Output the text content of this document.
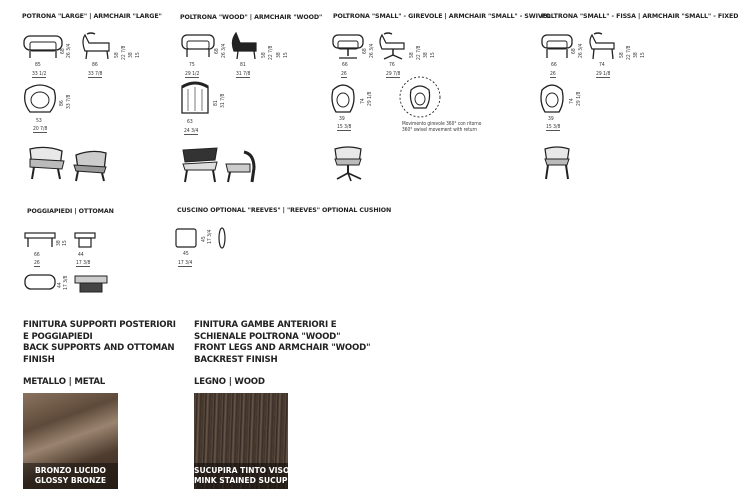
POTRONA "LARGE" | ARMCHAIR "LARGE"	POLTRONA "WOOD" | ARMCHAIR "WOOD" POLTRONA "SMALL" - GIREVOLE | ARMCHAIR "SMALL" - SWIVEL
POLTRONA "SMALL" - FISSA | ARMCHAIR "SMALL" - FIXED
POGGIAPIEDI | OTTOMAN	CUSCINO OPTIONAL "REEVES" | "REEVES" OPTIONAL CUSHION
85
33 1/2
68 26 3/4
86
33 7/8
58 22 7/8 38 15
53
20 7/8
86 33 7/8
75
29 1/2
68 26 3/4
81
31 7/8
58 22 7/8 38 15
63
24 3/4
81 31 7/8
66
26
68 26 3/4
76
29 7/8
58 22 7/8 38 15
39
15 3/8
74 29 1/8
Movimento girevole 360° con ritorno
360° swivel movement with return
66
26
68 26 3/4
74
29 1/8
58 22 7/8 38 15
39
15 3/8
74 29 1/8
66
26
38 15
44
17 3/8
44 17 3/8
45
17 3/4
45 17 3/4
FINITURA SUPPORTI POSTERIORI
E POGGIAPIEDI
BACK SUPPORTS AND OTTOMAN
FINISH
METALLO | METAL
BRONZO LUCIDO
GLOSSY BRONZE
FINITURA GAMBE ANTERIORI E
SCHIENALE POLTRONA "WOOD"
FRONT LEGS AND ARMCHAIR "WOOD"
BACKREST FINISH
LEGNO | WOOD
SUCUPIRA TINTO VISONE
MINK STAINED SUCUPIRA
